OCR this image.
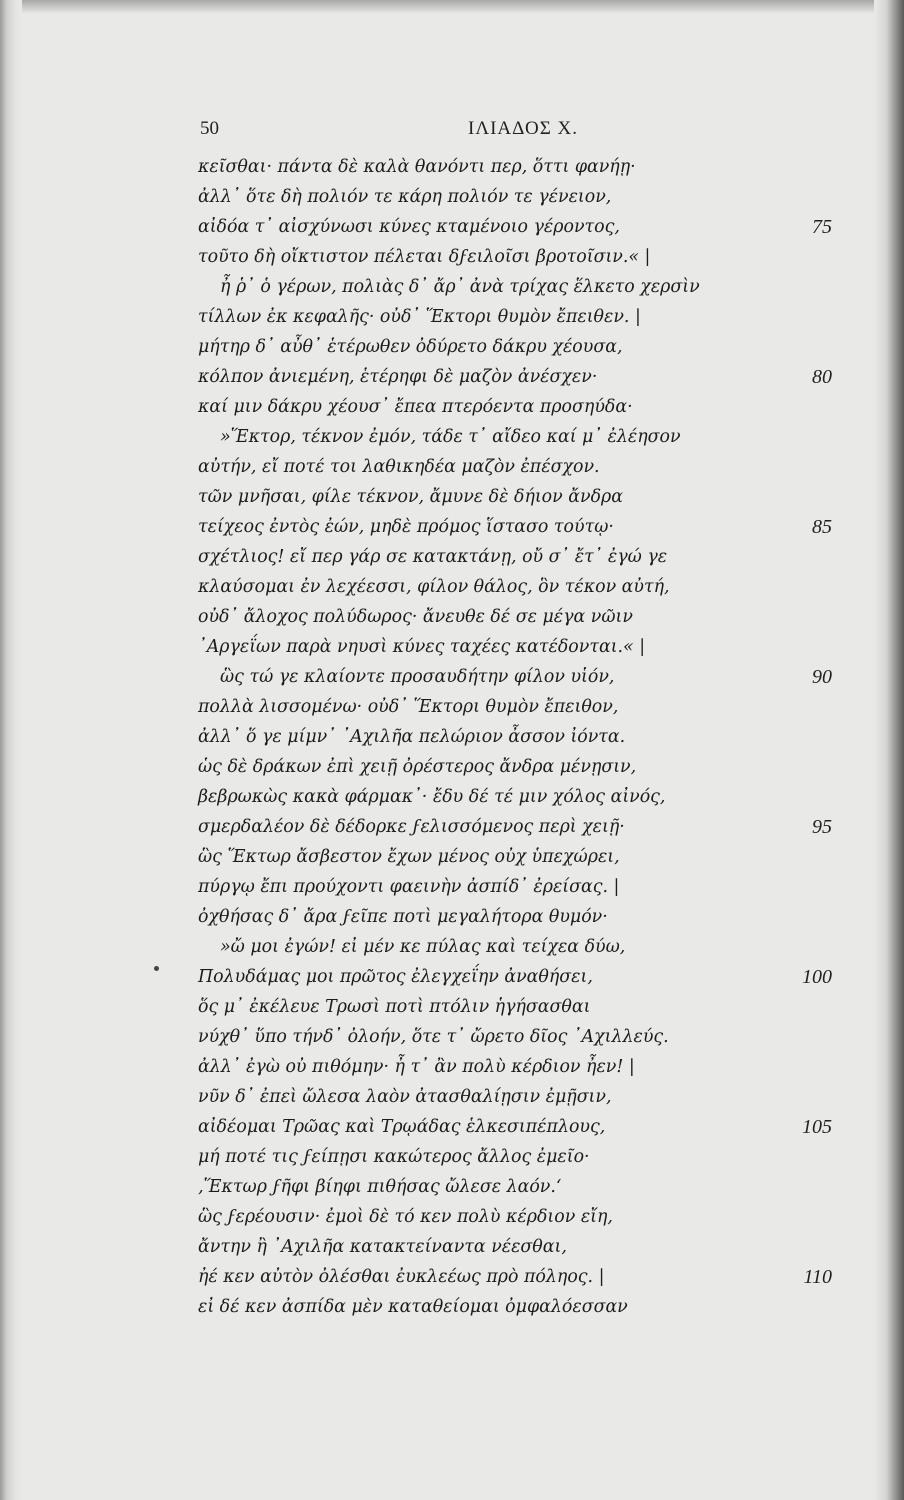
50	ΙΛΙΑΔΟΣ Χ.
κεῖσθαι· πάντα δὲ καλὰ θανόντι περ, ὅττι φανήῃ·
ἀλλ᾽ ὅτε δὴ πολιόν τε κάρη πολιόν τε γένειον,
αἰδόα τ᾽ αἰσχύνωσι κύνες κταμένοιο γέροντος,	75
τοῦτο δὴ οἴκτιστον πέλεται δϝειλοῖσι βροτοῖσιν.« |
ἦ ῥ᾽ ὁ γέρων, πολιὰς δ᾽ ἄρ᾽ ἀνὰ τρίχας ἕλκετο χερσὶν
τίλλων ἐκ κεφαλῆς· οὐδ᾽ Ἕκτορι θυμὸν ἔπειθεν. |
μήτηρ δ᾽ αὖθ᾽ ἑτέρωθεν ὀδύρετο δάκρυ χέουσα,
κόλπον ἀνιεμένη, ἑτέρηφι δὲ μαζὸν ἀνέσχεν·	80
καί μιν δάκρυ χέουσ᾽ ἔπεα πτερόεντα προσηύδα·
»Ἕκτορ, τέκνον ἐμόν, τάδε τ᾽ αἴδεο καί μ᾽ ἐλέησον
αὐτήν, εἴ ποτέ τοι λαθικηδέα μαζὸν ἐπέσχον.
τῶν μνῆσαι, φίλε τέκνον, ἄμυνε δὲ δήιον ἄνδρα
τείχεος ἐντὸς ἐών, μηδὲ πρόμος ἵστασο τούτῳ·	85
σχέτλιος! εἴ περ γάρ σε κατακτάνῃ, οὔ σ᾽ ἔτ᾽ ἐγώ γε
κλαύσομαι ἐν λεχέεσσι, φίλον θάλος, ὃν τέκον αὐτή,
οὐδ᾽ ἄλοχος πολύδωρος· ἄνευθε δέ σε μέγα νῶιν
᾽Αργεΐων παρὰ νηυσὶ κύνες ταχέες κατέδονται.« |
ὣς τώ γε κλαίοντε προσαυδήτην φίλον υἱόν,	90
πολλὰ λισσομένω· οὐδ᾽ Ἕκτορι θυμὸν ἔπειθον,
ἀλλ᾽ ὅ γε μίμν᾽ ᾽Αχιλῆα πελώριον ἆσσον ἰόντα.
ὡς δὲ δράκων ἐπὶ χειῇ ὀρέστερος ἄνδρα μένῃσιν,
βεβρωκὼς κακὰ φάρμακ᾽· ἔδυ δέ τέ μιν χόλος αἰνός,
σμερδαλέον δὲ δέδορκε ϝελισσόμενος περὶ χειῇ·	95
ὣς Ἕκτωρ ἄσβεστον ἔχων μένος οὐχ ὑπεχώρει,
πύργῳ ἔπι προύχοντι φαεινὴν ἀσπίδ᾽ ἐρείσας. |
ὀχθήσας δ᾽ ἄρα ϝεῖπε ποτὶ μεγαλήτορα θυμόν·
»ὤ μοι ἐγών! εἰ μέν κε πύλας καὶ τείχεα δύω,
Πολυδάμας μοι πρῶτος ἐλεγχεΐην ἀναθήσει,	100
ὅς μ᾽ ἐκέλευε Τρωσὶ ποτὶ πτόλιν ἡγήσασθαι
νύχθ᾽ ὕπο τήνδ᾽ ὀλοήν, ὅτε τ᾽ ὤρετο δῖος ᾽Αχιλλεύς.
ἀλλ᾽ ἐγὼ οὐ πιθόμην· ἦ τ᾽ ἂν πολὺ κέρδιον ἦεν! |
νῦν δ᾽ ἐπεὶ ὤλεσα λαὸν ἀτασθαλίῃσιν ἐμῇσιν,
αἰδέομαι Τρῶας καὶ Τρῳάδας ἑλκεσιπέπλους,	105
μή ποτέ τις ϝείπῃσι κακώτερος ἄλλος ἐμεῖο·
‚Ἕκτωρ ϝῆφι βίηφι πιθήσας ὤλεσε λαόν.‘
ὣς ϝερέουσιν· ἐμοὶ δὲ τό κεν πολὺ κέρδιον εἴη,
ἄντην ἢ ᾽Αχιλῆα κατακτείναντα νέεσθαι,
ἠέ κεν αὐτὸν ὀλέσθαι ἐυκλεέως πρὸ πόληος. |	110
εἰ δέ κεν ἀσπίδα μὲν καταθείομαι ὀμφαλόεσσαν
